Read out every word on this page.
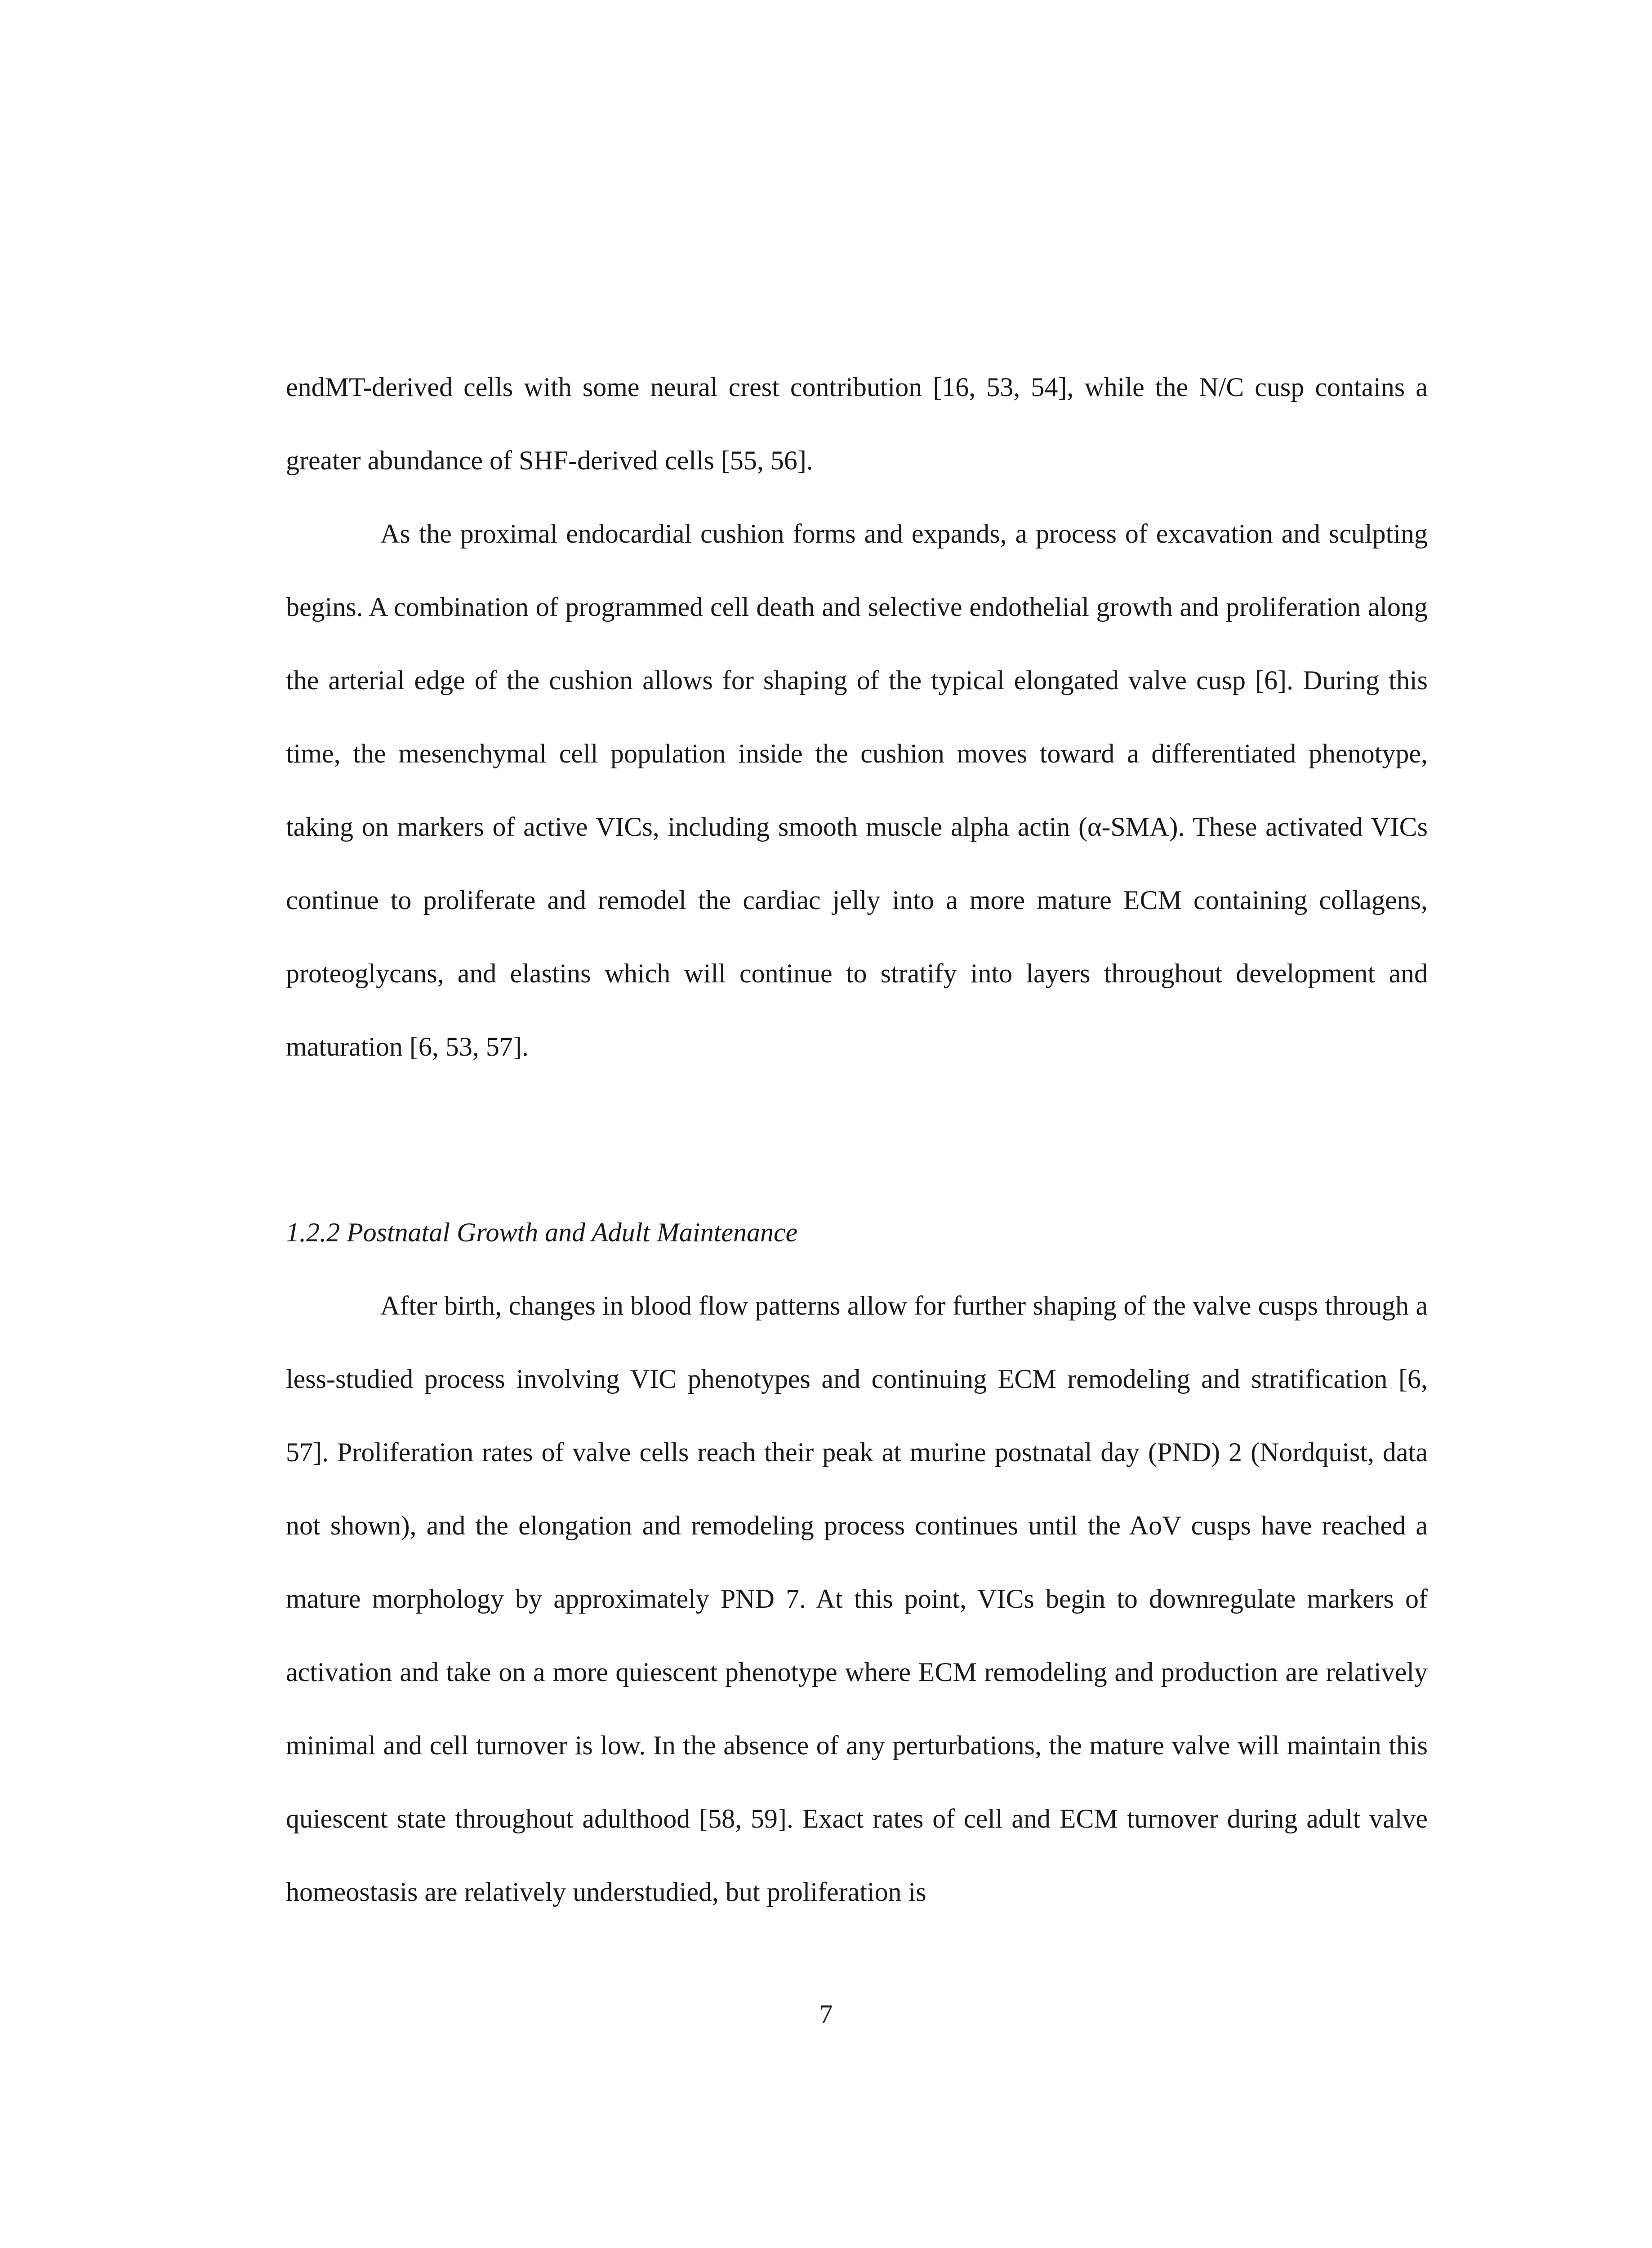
endMT-derived cells with some neural crest contribution [16, 53, 54], while the N/C cusp contains a greater abundance of SHF-derived cells [55, 56].

As the proximal endocardial cushion forms and expands, a process of excavation and sculpting begins. A combination of programmed cell death and selective endothelial growth and proliferation along the arterial edge of the cushion allows for shaping of the typical elongated valve cusp [6]. During this time, the mesenchymal cell population inside the cushion moves toward a differentiated phenotype, taking on markers of active VICs, including smooth muscle alpha actin (α-SMA). These activated VICs continue to proliferate and remodel the cardiac jelly into a more mature ECM containing collagens, proteoglycans, and elastins which will continue to stratify into layers throughout development and maturation [6, 53, 57].

1.2.2 Postnatal Growth and Adult Maintenance

After birth, changes in blood flow patterns allow for further shaping of the valve cusps through a less-studied process involving VIC phenotypes and continuing ECM remodeling and stratification [6, 57]. Proliferation rates of valve cells reach their peak at murine postnatal day (PND) 2 (Nordquist, data not shown), and the elongation and remodeling process continues until the AoV cusps have reached a mature morphology by approximately PND 7. At this point, VICs begin to downregulate markers of activation and take on a more quiescent phenotype where ECM remodeling and production are relatively minimal and cell turnover is low. In the absence of any perturbations, the mature valve will maintain this quiescent state throughout adulthood [58, 59]. Exact rates of cell and ECM turnover during adult valve homeostasis are relatively understudied, but proliferation is

7
